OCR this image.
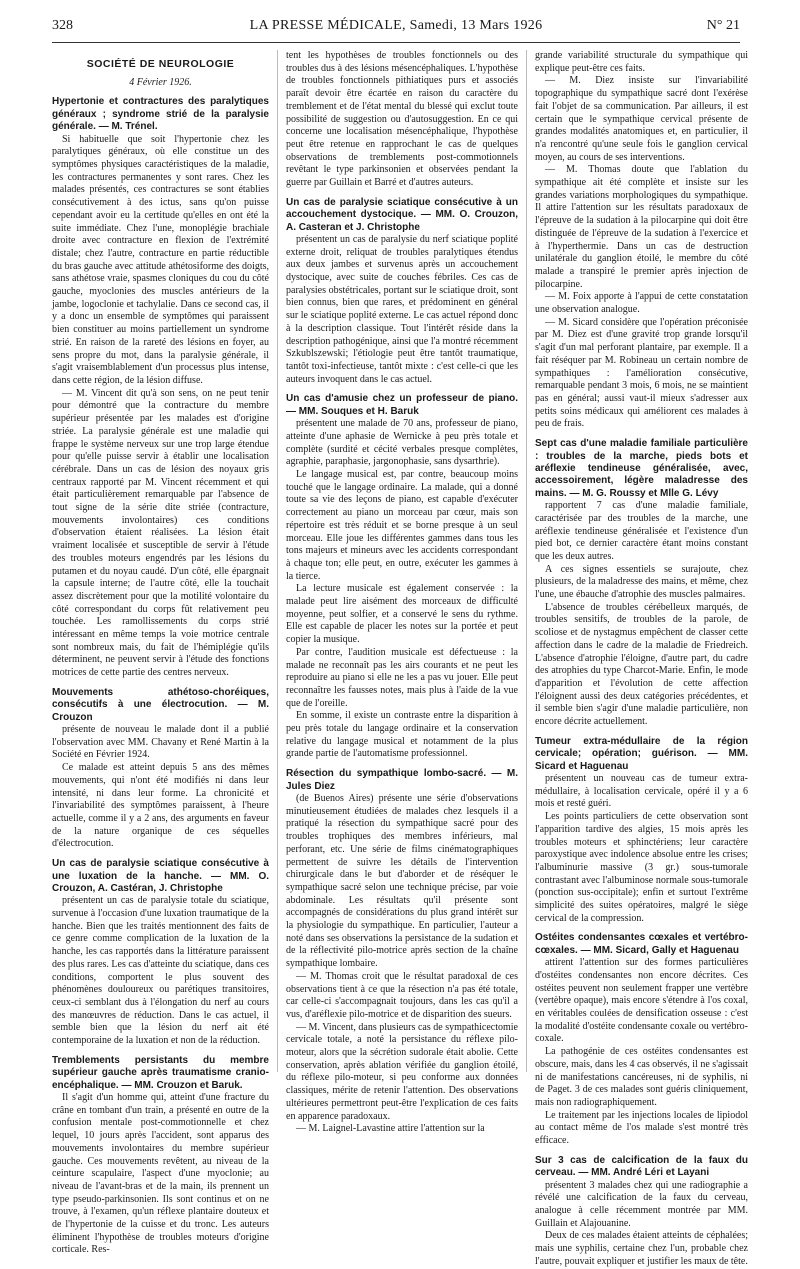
328	LA PRESSE MÉDICALE, Samedi, 13 Mars 1926	N° 21
SOCIÉTÉ DE NEUROLOGIE
4 Février 1926.

Hypertonie et contractures des paralytiques généraux ; syndrome strié de la paralysie générale. — M. Trénel.

Si habituelle que soit l'hypertonie chez les paralytiques généraux, où elle constitue un des symptômes physiques caractéristiques de la maladie, les contractures permanentes y sont rares. Chez les malades présentés, ces contractures se sont établies consécutivement à des ictus, sans qu'on puisse cependant avoir eu la certitude qu'elles en ont été la suite immédiate. Chez l'une, monoplégie brachiale droite avec contracture en flexion de l'extrémité distale; chez l'autre, contracture en partie réductible du bras gauche avec attitude athétosiforme des doigts, sans athétose vraie, spasmes cloniques du cou du côté gauche, myoclonies des muscles antérieurs de la jambe, logoclonie et tachylalie. Dans ce second cas, il y a donc un ensemble de symptômes qui paraissent bien constituer au moins partiellement un syndrome strié. En raison de la rareté des lésions en foyer, au sens propre du mot, dans la paralysie générale, il s'agit vraisemblablement d'un processus plus intense, dans cette région, de la lésion diffuse.

— M. Vincent dit qu'à son sens, on ne peut tenir pour démontré que la contracture du membre supérieur présentée par les malades est d'origine striée. La paralysie générale est une maladie qui frappe le système nerveux sur une trop large étendue pour qu'elle puisse servir à établir une localisation cérébrale. Dans un cas de lésion des noyaux gris centraux rapporté par M. Vincent récemment et qui était particulièrement remarquable par l'absence de tout signe de la série dite striée (contracture, mouvements involontaires) ces conditions d'observation étaient réalisées. La lésion était vraiment localisée et susceptible de servir à l'étude des troubles moteurs engendrés par les lésions du putamen et du noyau caudé. D'un côté, elle épargnait la capsule interne; de l'autre côté, elle la touchait assez discrètement pour que la motilité volontaire du côté correspondant du corps fût relativement peu touchée. Les ramollissements du corps strié intéressant en même temps la voie motrice centrale sont nombreux mais, du fait de l'hémiplégie qu'ils déterminent, ne peuvent servir à l'étude des fonctions motrices de cette partie des centres nerveux.

Mouvements athétoso-choréiques, consécutifs à une électrocution. — M. Crouzon

présente de nouveau le malade dont il a publié l'observation avec MM. Chavany et René Martin à la Société en Février 1924.

Ce malade est atteint depuis 5 ans des mêmes mouvements, qui n'ont été modifiés ni dans leur intensité, ni dans leur forme. La chronicité et l'invariabilité des symptômes paraissent, à l'heure actuelle, comme il y a 2 ans, des arguments en faveur de la nature organique de ces séquelles d'électrocution.

Un cas de paralysie sciatique consécutive à une luxation de la hanche. — MM. O. Crouzon, A. Castéran, J. Christophe

présentent un cas de paralysie totale du sciatique, survenue à l'occasion d'une luxation traumatique de la hanche. Bien que les traités mentionnent des faits de ce genre comme complication de la luxation de la hanche, les cas rapportés dans la littérature paraissent des plus rares. Les cas d'atteinte du sciatique, dans ces conditions, comportent le plus souvent des phénomènes douloureux ou parétiques transitoires, ceux-ci semblant dus à l'élongation du nerf au cours des manœuvres de réduction. Dans le cas actuel, il semble bien que la lésion du nerf ait été contemporaine de la luxation et non de la réduction.

Tremblements persistants du membre supérieur gauche après traumatisme cranio-encéphalique. — MM. Crouzon et Baruk.

Il s'agit d'un homme qui, atteint d'une fracture du crâne en tombant d'un train, a présenté en outre de la confusion mentale post-commotionnelle et chez lequel, 10 jours après l'accident, sont apparus des mouvements involontaires du membre supérieur gauche. Ces mouvements revêtent, au niveau de la ceinture scapulaire, l'aspect d'une myoclonie; au niveau de l'avant-bras et de la main, ils prennent un type pseudo-parkinsonien. Ils sont continus et on ne trouve, à l'examen, qu'un réflexe plantaire douteux et de l'hypertonie de la cuisse et du tronc. Les auteurs éliminent l'hypothèse de troubles moteurs d'origine corticale. Res-

tent les hypothèses de troubles fonctionnels ou des troubles dus à des lésions mésencéphaliques. L'hypothèse de troubles fonctionnels pithiatiques purs et associés paraît devoir être écartée en raison du caractère du tremblement et de l'état mental du blessé qui exclut toute possibilité de suggestion ou d'autosuggestion. En ce qui concerne une localisation mésencéphalique, l'hypothèse peut être retenue en rapprochant le cas de quelques observations de tremblements post-commotionnels revêtant le type parkinsonien et observées pendant la guerre par Guillain et Barré et d'autres auteurs.

Un cas de paralysie sciatique consécutive à un accouchement dystocique. — MM. O. Crouzon, A. Casteran et J. Christophe

présentent un cas de paralysie du nerf sciatique poplité externe droit, reliquat de troubles paralytiques étendus aux deux jambes et survenus après un accouchement dystocique, avec suite de couches fébriles. Ces cas de paralysies obstétricales, portant sur le sciatique droit, sont bien connus, bien que rares, et prédominent en général sur le sciatique poplité externe. Le cas actuel répond donc à la description classique. Tout l'intérêt réside dans la description pathogénique, ainsi que l'a montré récemment Szkublszewski; l'étiologie peut être tantôt traumatique, tantôt toxi-infectieuse, tantôt mixte : c'est celle-ci que les auteurs invoquent dans le cas actuel.

Un cas d'amusie chez un professeur de piano. — MM. Souques et H. Baruk

présentent une malade de 70 ans, professeur de piano, atteinte d'une aphasie de Wernicke à peu près totale et complète (surdité et cécité verbales presque complètes, agraphie, paraphasie, jargonophasie, sans dysarthrie).

Le langage musical est, par contre, beaucoup moins touché que le langage ordinaire. La malade, qui a donné toute sa vie des leçons de piano, est capable d'exécuter correctement au piano un morceau par cœur, mais son répertoire est très réduit et se borne presque à un seul morceau. Elle joue les différentes gammes dans tous les tons majeurs et mineurs avec les accidents correspondant à chaque ton; elle peut, en outre, exécuter les gammes à la tierce.

La lecture musicale est également conservée : la malade peut lire aisément des morceaux de difficulté moyenne, peut solfier, et a conservé le sens du rythme. Elle est capable de placer les notes sur la portée et peut copier la musique.

Par contre, l'audition musicale est défectueuse : la malade ne reconnaît pas les airs courants et ne peut les reproduire au piano si elle ne les a pas vu jouer. Elle peut reconnaître les fausses notes, mais plus à l'aide de la vue que de l'oreille.

En somme, il existe un contraste entre la disparition à peu près totale du langage ordinaire et la conservation relative du langage musical et notamment de la plus grande partie de l'automatisme professionnel.

Résection du sympathique lombo-sacré. — M. Jules Diez

(de Buenos Aires) présente une série d'observations minutieusement étudiées de malades chez lesquels il a pratiqué la résection du sympathique sacré pour des troubles trophiques des membres inférieurs, mal perforant, etc. Une série de films cinématographiques permettent de suivre les détails de l'intervention chirurgicale dans le but d'aborder et de réséquer le sympathique sacré selon une technique précise, par voie abdominale. Les résultats qu'il présente sont accompagnés de considérations du plus grand intérêt sur la physiologie du sympathique. En particulier, l'auteur a noté dans ses observations la persistance de la sudation et de la réflectivité pilo-motrice après section de la chaîne sympathique lombaire.

— M. Thomas croit que le résultat paradoxal de ces observations tient à ce que la résection n'a pas été totale, car celle-ci s'accompagnait toujours, dans les cas qu'il a vus, d'aréflexie pilo-motrice et de disparition des sueurs.

— M. Vincent, dans plusieurs cas de sympathicectomie cervicale totale, a noté la persistance du réflexe pilo-moteur, alors que la sécrétion sudorale était abolie. Cette conservation, après ablation vérifiée du ganglion étoilé, du réflexe pilo-moteur, si peu conforme aux données classiques, mérite de retenir l'attention. Des observations ultérieures permettront peut-être l'explication de ces faits en apparence paradoxaux.

— M. Laignel-Lavastine attire l'attention sur la

grande variabilité structurale du sympathique qui explique peut-être ces faits.

— M. Diez insiste sur l'invariabilité topographique du sympathique sacré dont l'exérèse fait l'objet de sa communication. Par ailleurs, il est certain que le sympathique cervical présente de grandes modalités anatomiques et, en particulier, il n'a rencontré qu'une seule fois le ganglion cervical moyen, au cours de ses interventions.

— M. Thomas doute que l'ablation du sympathique ait été complète et insiste sur les grandes variations morphologiques du sympathique. Il attire l'attention sur les résultats paradoxaux de l'épreuve de la sudation à la pilocarpine qui doit être distinguée de l'épreuve de la sudation à l'exercice et à l'hyperthermie. Dans un cas de destruction unilatérale du ganglion étoilé, le membre du côté malade a transpiré le premier après injection de pilocarpine.

— M. Foix apporte à l'appui de cette constatation une observation analogue.

— M. Sicard considère que l'opération préconisée par M. Diez est d'une gravité trop grande lorsqu'il s'agit d'un mal perforant plantaire, par exemple. Il a fait réséquer par M. Robineau un certain nombre de sympathiques : l'amélioration consécutive, remarquable pendant 3 mois, 6 mois, ne se maintient pas en général; aussi vaut-il mieux s'adresser aux petits soins médicaux qui améliorent ces malades à peu de frais.

Sept cas d'une maladie familiale particulière : troubles de la marche, pieds bots et aréflexie tendineuse généralisée, avec, accessoirement, légère maladresse des mains. — M. G. Roussy et Mlle G. Lévy

rapportent 7 cas d'une maladie familiale, caractérisée par des troubles de la marche, une aréflexie tendineuse généralisée et l'existence d'un pied bot, ce dernier caractère étant moins constant que les deux autres.

A ces signes essentiels se surajoute, chez plusieurs, de la maladresse des mains, et même, chez l'une, une ébauche d'atrophie des muscles palmaires.

L'absence de troubles cérébelleux marqués, de troubles sensitifs, de troubles de la parole, de scoliose et de nystagmus empêchent de classer cette affection dans le cadre de la maladie de Friedreich. L'absence d'atrophie l'éloigne, d'autre part, du cadre des atrophies du type Charcot-Marie. Enfin, le mode d'apparition et l'évolution de cette affection l'éloignent aussi des deux catégories précédentes, et il semble bien s'agir d'une maladie particulière, non encore décrite actuellement.

Tumeur extra-médullaire de la région cervicale; opération; guérison. — MM. Sicard et Haguenau

présentent un nouveau cas de tumeur extra-médullaire, à localisation cervicale, opéré il y a 6 mois et resté guéri.

Les points particuliers de cette observation sont l'apparition tardive des algies, 15 mois après les troubles moteurs et sphinctériens; leur caractère paroxystique avec indolence absolue entre les crises; l'albuminurie massive (3 gr.) sous-tumorale contrastant avec l'albuminose normale sous-tumorale (ponction sus-occipitale); enfin et surtout l'extrême simplicité des suites opératoires, malgré le siège cervical de la compression.

Ostéites condensantes cœxales et vertébro-cœxales. — MM. Sicard, Gally et Haguenau

attirent l'attention sur des formes particulières d'ostéites condensantes non encore décrites. Ces ostéites peuvent non seulement frapper une vertèbre (vertèbre opaque), mais encore s'étendre à l'os coxal, en véritables coulées de densification osseuse : c'est la modalité d'ostéite condensante coxale ou vertébro-coxale.

La pathogénie de ces ostéites condensantes est obscure, mais, dans les 4 cas observés, il ne s'agissait ni de manifestations cancéreuses, ni de syphilis, ni de Paget. 3 de ces malades sont guéris cliniquement, mais non radiographiquement.

Le traitement par les injections locales de lipiodol au contact même de l'os malade s'est montré très efficace.

Sur 3 cas de calcification de la faux du cerveau. — MM. André Léri et Layani

présentent 3 malades chez qui une radiographie a révélé une calcification de la faux du cerveau, analogue à celle récemment montrée par MM. Guillain et Alajouanine.

Deux de ces malades étaient atteints de céphalées; mais une syphilis, certaine chez l'un, probable chez l'autre, pouvait expliquer et justifier les maux de tête.
